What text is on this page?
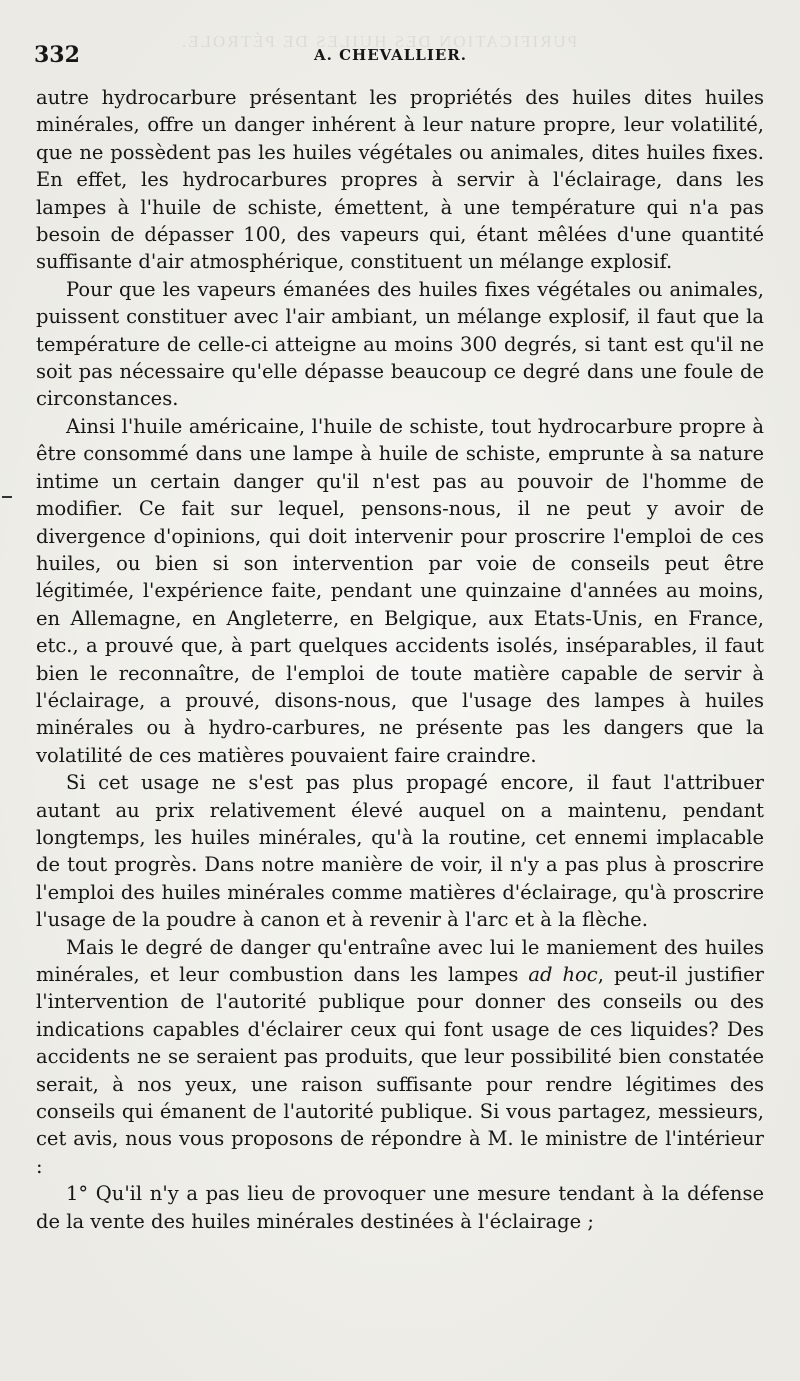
PURIFICATION DES HUILES DE PÉTROLE.
332	A. CHEVALLIER.

autre hydrocarbure présentant les propriétés des huiles dites huiles minérales, offre un danger inhérent à leur nature propre, leur volatilité, que ne possèdent pas les huiles végétales ou animales, dites huiles fixes. En effet, les hydrocarbures propres à servir à l'éclairage, dans les lampes à l'huile de schiste, émettent, à une température qui n'a pas besoin de dépasser 100, des vapeurs qui, étant mêlées d'une quantité suffisante d'air atmosphérique, constituent un mélange explosif.

Pour que les vapeurs émanées des huiles fixes végétales ou animales, puissent constituer avec l'air ambiant, un mélange explosif, il faut que la température de celle-ci atteigne au moins 300 degrés, si tant est qu'il ne soit pas nécessaire qu'elle dépasse beaucoup ce degré dans une foule de circonstances.

Ainsi l'huile américaine, l'huile de schiste, tout hydrocarbure propre à être consommé dans une lampe à huile de schiste, emprunte à sa nature intime un certain danger qu'il n'est pas au pouvoir de l'homme de modifier. Ce fait sur lequel, pensons-nous, il ne peut y avoir de divergence d'opinions, qui doit intervenir pour proscrire l'emploi de ces huiles, ou bien si son intervention par voie de conseils peut être légitimée, l'expérience faite, pendant une quinzaine d'années au moins, en Allemagne, en Angleterre, en Belgique, aux Etats-Unis, en France, etc., a prouvé que, à part quelques accidents isolés, inséparables, il faut bien le reconnaître, de l'emploi de toute matière capable de servir à l'éclairage, a prouvé, disons-nous, que l'usage des lampes à huiles minérales ou à hydro-carbures, ne présente pas les dangers que la volatilité de ces matières pouvaient faire craindre.

Si cet usage ne s'est pas plus propagé encore, il faut l'attribuer autant au prix relativement élevé auquel on a maintenu, pendant longtemps, les huiles minérales, qu'à la routine, cet ennemi implacable de tout progrès. Dans notre manière de voir, il n'y a pas plus à proscrire l'emploi des huiles minérales comme matières d'éclairage, qu'à proscrire l'usage de la poudre à canon et à revenir à l'arc et à la flèche.

Mais le degré de danger qu'entraîne avec lui le maniement des huiles minérales, et leur combustion dans les lampes ad hoc, peut-il justifier l'intervention de l'autorité publique pour donner des conseils ou des indications capables d'éclairer ceux qui font usage de ces liquides? Des accidents ne se seraient pas produits, que leur possibilité bien constatée serait, à nos yeux, une raison suffisante pour rendre légitimes des conseils qui émanent de l'autorité publique. Si vous partagez, messieurs, cet avis, nous vous proposons de répondre à M. le ministre de l'intérieur :

1° Qu'il n'y a pas lieu de provoquer une mesure tendant à la défense de la vente des huiles minérales destinées à l'éclairage ;
